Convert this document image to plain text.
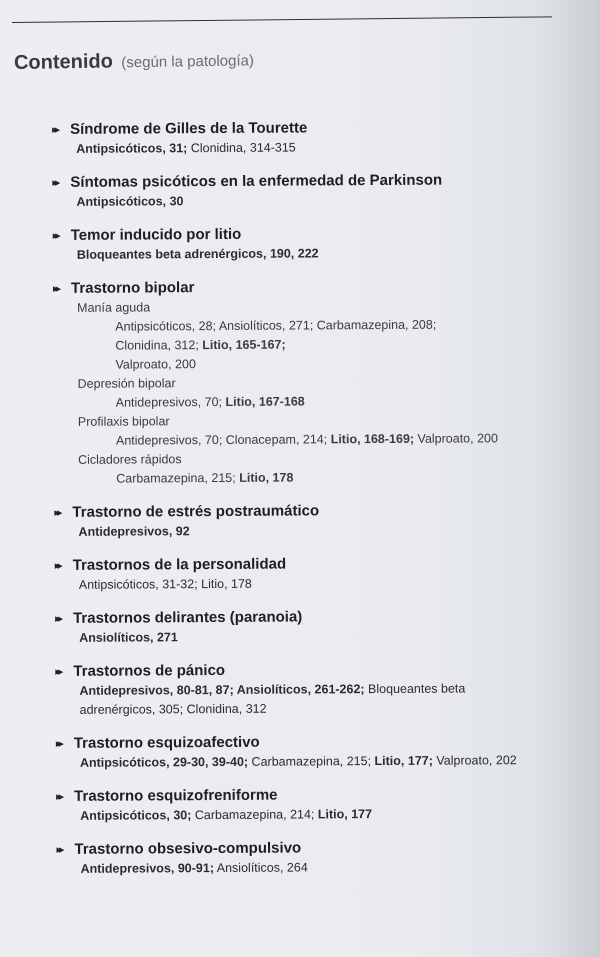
Contenido (según la patología)
▸▸ Síndrome de Gilles de la Tourette
Antipsicóticos, 31; Clonidina, 314-315
▸▸ Síntomas psicóticos en la enfermedad de Parkinson
Antipsicóticos, 30
▸▸ Temor inducido por litio
Bloqueantes beta adrenérgicos, 190, 222
▸▸ Trastorno bipolar
Manía aguda
Antipsicóticos, 28; Ansiolíticos, 271; Carbamazepina, 208;
Clonidina, 312; Litio, 165-167;
Valproato, 200
Depresión bipolar
Antidepresivos, 70; Litio, 167-168
Profilaxis bipolar
Antidepresivos, 70; Clonacepam, 214; Litio, 168-169; Valproato, 200
Cicladores rápidos
Carbamazepina, 215; Litio, 178
▸▸ Trastorno de estrés postraumático
Antidepresivos, 92
▸▸ Trastornos de la personalidad
Antipsicóticos, 31-32; Litio, 178
▸▸ Trastornos delirantes (paranoia)
Ansiolíticos, 271
▸▸ Trastornos de pánico
Antidepresivos, 80-81, 87; Ansiolíticos, 261-262; Bloqueantes beta
adrenérgicos, 305; Clonidina, 312
▸▸ Trastorno esquizoafectivo
Antipsicóticos, 29-30, 39-40; Carbamazepina, 215; Litio, 177; Valproato, 202
▸▸ Trastorno esquizofreniforme
Antipsicóticos, 30; Carbamazepina, 214; Litio, 177
▸▸ Trastorno obsesivo-compulsivo
Antidepresivos, 90-91; Ansiolíticos, 264
